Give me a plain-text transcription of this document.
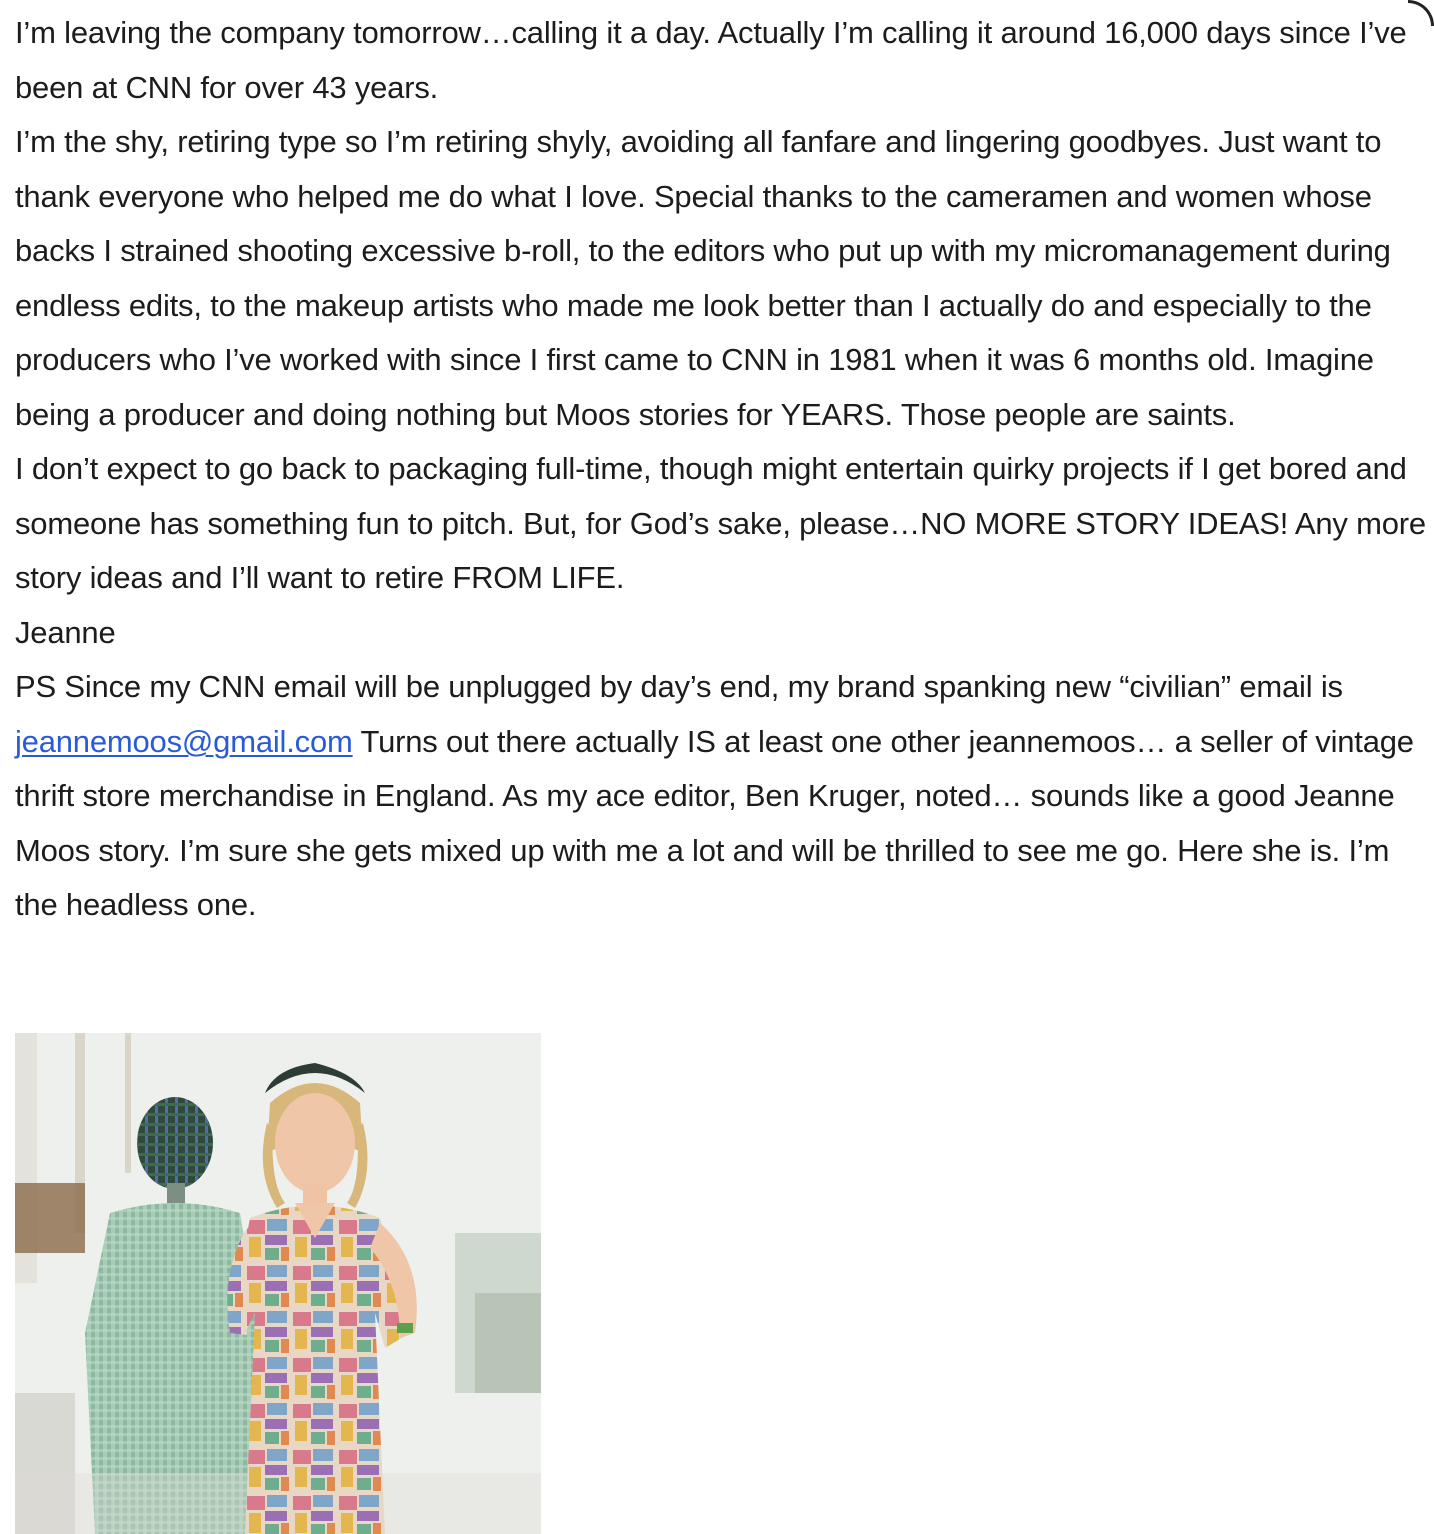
I’m leaving the company tomorrow…calling it a day. Actually I’m calling it around 16,000 days since I’ve been at CNN for over 43 years.

I’m the shy, retiring type so I’m retiring shyly, avoiding all fanfare and lingering goodbyes. Just want to thank everyone who helped me do what I love. Special thanks to the cameramen and women whose backs I strained shooting excessive b-roll, to the editors who put up with my micromanagement during endless edits, to the makeup artists who made me look better than I actually do and especially to the producers who I’ve worked with since I first came to CNN in 1981 when it was 6 months old. Imagine being a producer and doing nothing but Moos stories for YEARS. Those people are saints.

I don’t expect to go back to packaging full-time, though might entertain quirky projects if I get bored and someone has something fun to pitch. But, for God’s sake, please…NO MORE STORY IDEAS! Any more story ideas and I’ll want to retire FROM LIFE.

Jeanne

PS Since my CNN email will be unplugged by day’s end, my brand spanking new “civilian” email is jeannemoos@gmail.com Turns out there actually IS at least one other jeannemoos… a seller of vintage thrift store merchandise in England. As my ace editor, Ben Kruger, noted… sounds like a good Jeanne Moos story. I’m sure she gets mixed up with me a lot and will be thrilled to see me go. Here she is. I’m the headless one.
